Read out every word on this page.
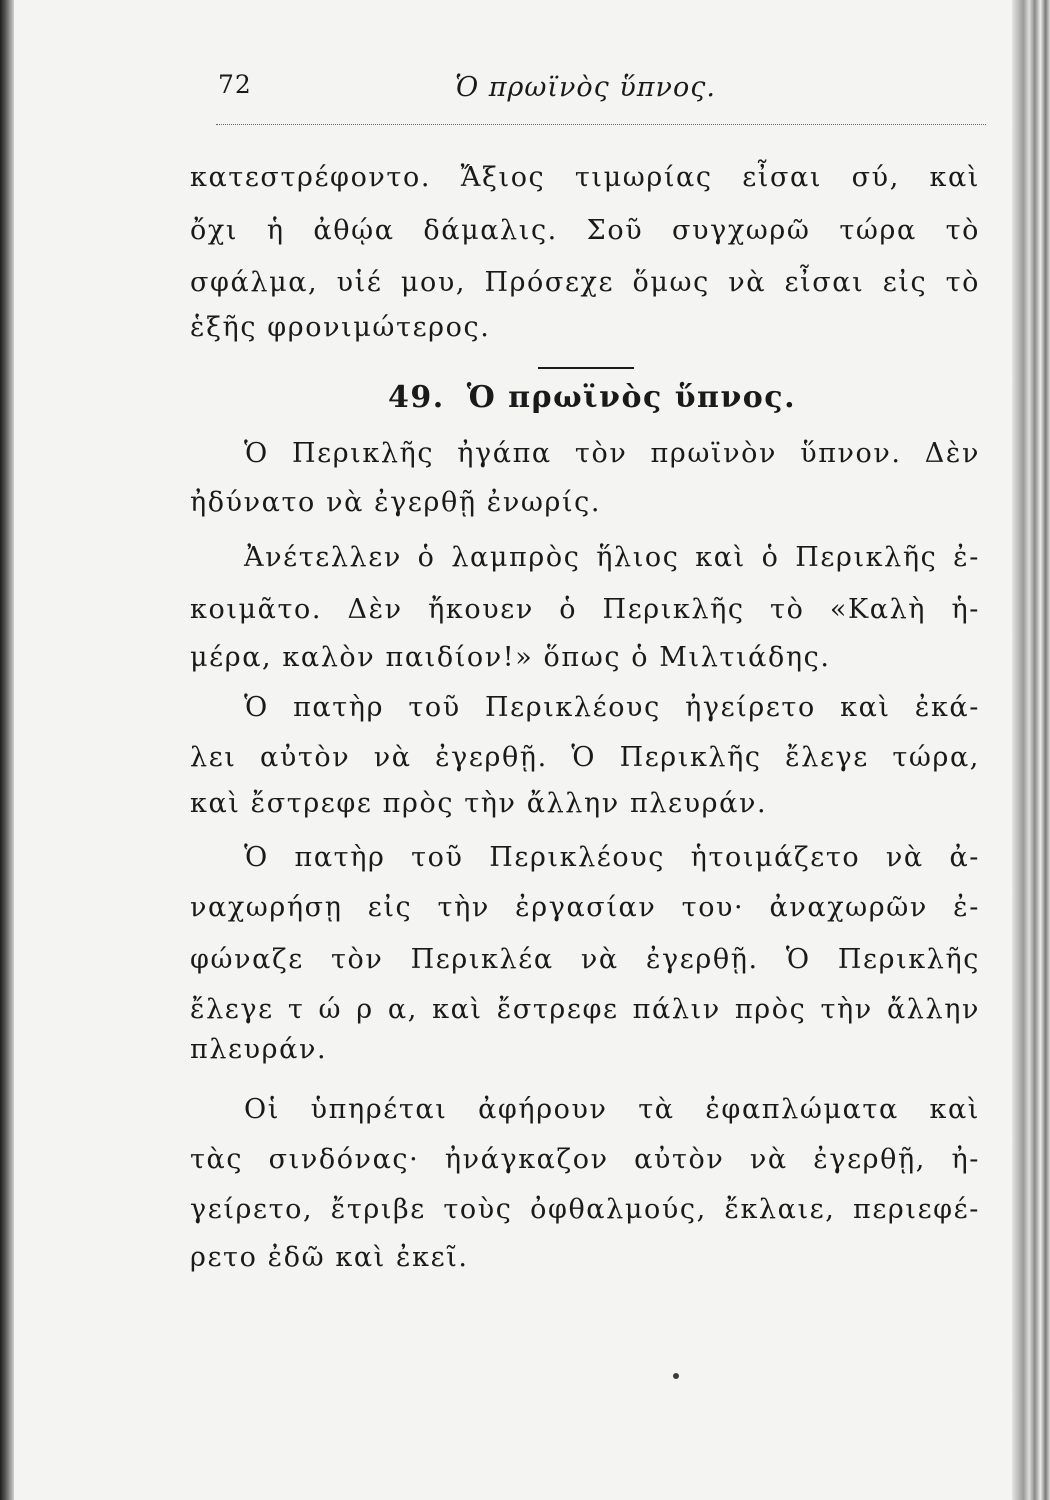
72	Ὁ πρωϊνὸς ὕπνος.
κατεστρέφοντο. Ἄξιος τιμωρίας εἶσαι σύ, καὶ
ὄχι ἡ ἀθῴα δάμαλις. Σοῦ συγχωρῶ τώρα τὸ
σφάλμα, υἱέ μου, Πρόσεχε ὅμως νὰ εἶσαι εἰς τὸ
ἑξῆς φρονιμώτερος.
49. Ὁ πρωϊνὸς ὕπνος.
Ὁ Περικλῆς ἠγάπα τὸν πρωϊνὸν ὕπνον. Δὲν
ἠδύνατο νὰ ἐγερθῇ ἐνωρίς.
Ἀνέτελλεν ὁ λαμπρὸς ἥλιος καὶ ὁ Περικλῆς ἐ-
κοιμᾶτο. Δὲν ἤκουεν ὁ Περικλῆς τὸ «Καλὴ ἡ-
μέρα, καλὸν παιδίον!» ὅπως ὁ Μιλτιάδης.
Ὁ πατὴρ τοῦ Περικλέους ἠγείρετο καὶ ἐκά-
λει αὐτὸν νὰ ἐγερθῇ. Ὁ Περικλῆς ἔλεγε τώρα,
καὶ ἔστρεφε πρὸς τὴν ἄλλην πλευράν.
Ὁ πατὴρ τοῦ Περικλέους ἡτοιμάζετο νὰ ἀ-
ναχωρήσῃ εἰς τὴν ἐργασίαν του· ἀναχωρῶν ἐ-
φώναζε τὸν Περικλέα νὰ ἐγερθῇ. Ὁ Περικλῆς
ἔλεγε τ ώ ρ α, καὶ ἔστρεφε πάλιν πρὸς τὴν ἄλλην
πλευράν.
Οἱ ὑπηρέται ἀφήρουν τὰ ἐφαπλώματα καὶ
τὰς σινδόνας· ἠνάγκαζον αὐτὸν νὰ ἐγερθῇ, ἠ-
γείρετο, ἔτριβε τοὺς ὀφθαλμούς, ἔκλαιε, περιεφέ-
ρετο ἐδῶ καὶ ἐκεῖ.
